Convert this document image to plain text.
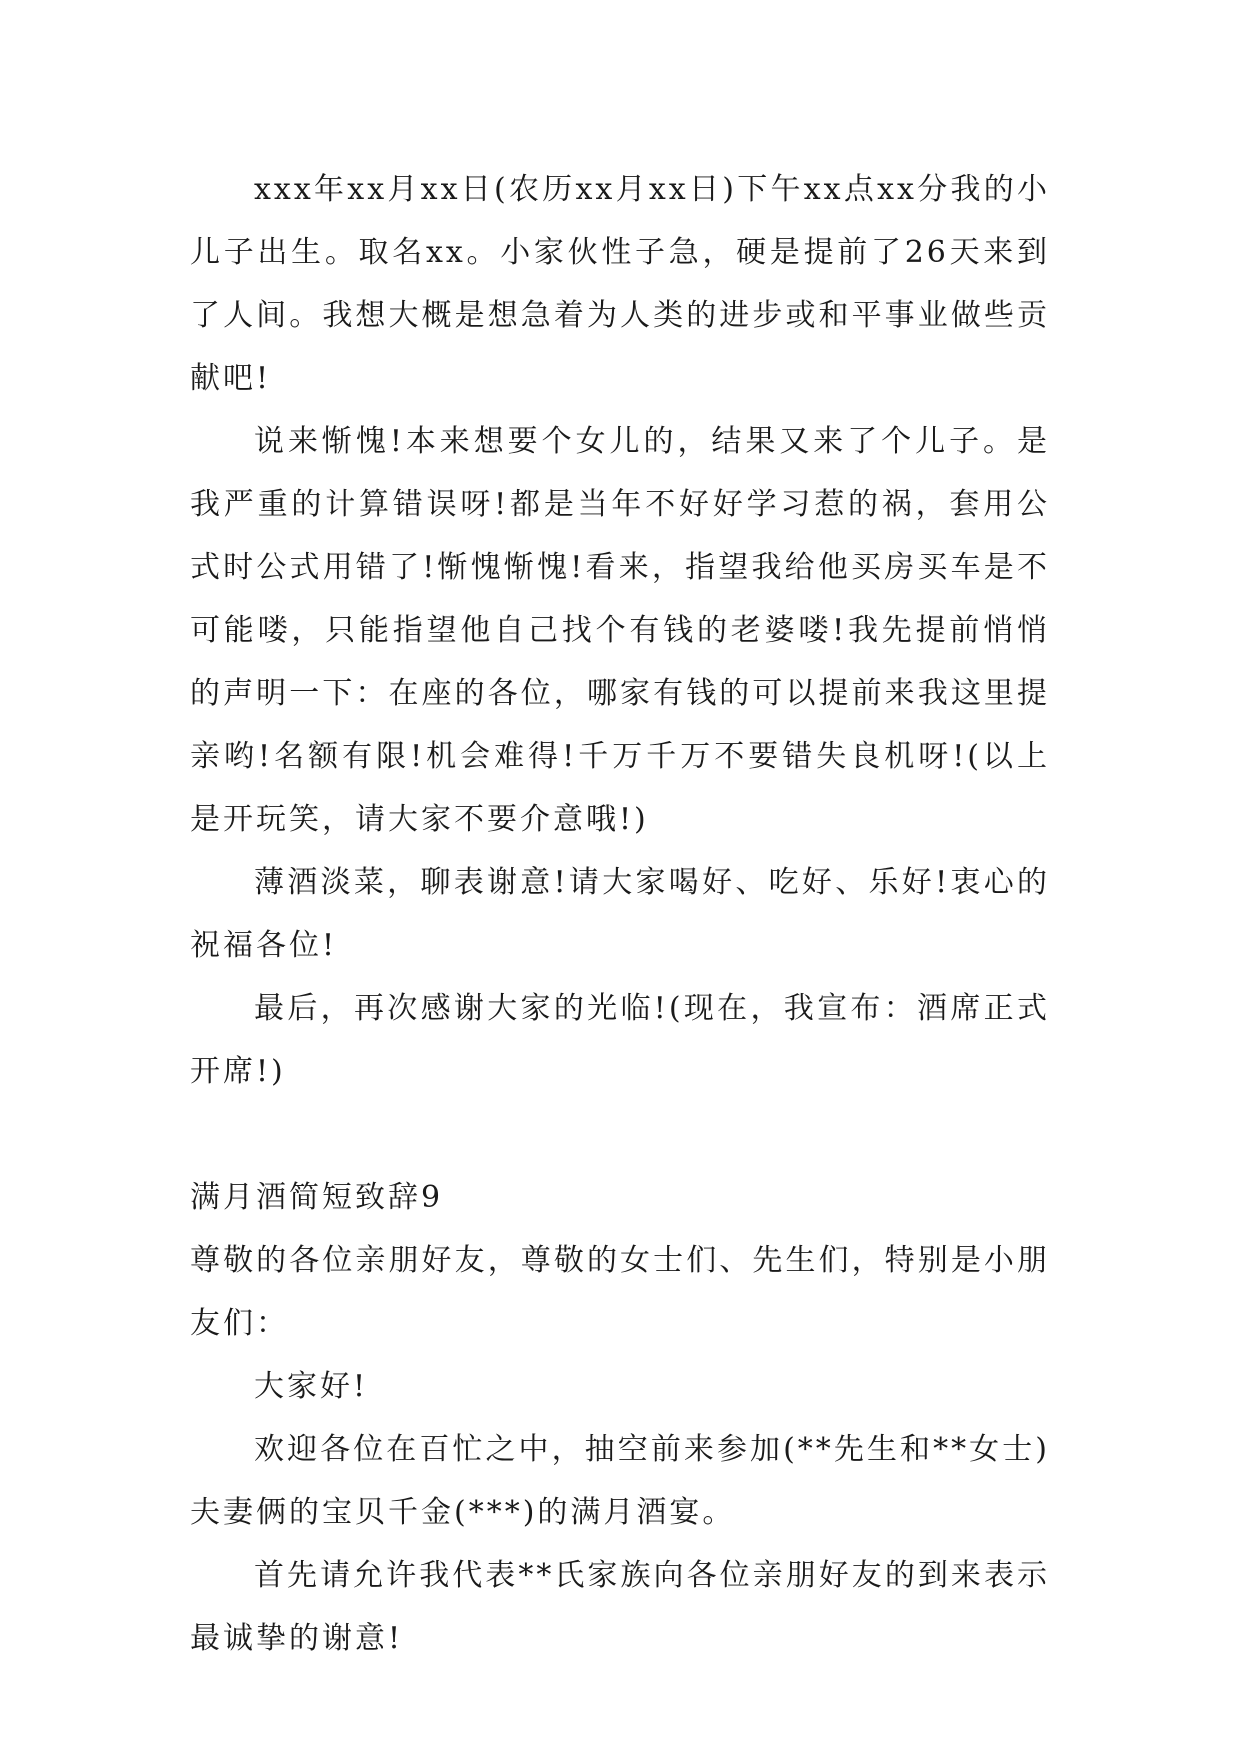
xxx年xx月xx日(农历xx月xx日)下午xx点xx分我的小儿子出生。取名xx。小家伙性子急，硬是提前了26天来到了人间。我想大概是想急着为人类的进步或和平事业做些贡献吧!

说来惭愧!本来想要个女儿的，结果又来了个儿子。是我严重的计算错误呀!都是当年不好好学习惹的祸，套用公式时公式用错了!惭愧惭愧!看来，指望我给他买房买车是不可能喽，只能指望他自己找个有钱的老婆喽!我先提前悄悄的声明一下：在座的各位，哪家有钱的可以提前来我这里提亲哟!名额有限!机会难得!千万千万不要错失良机呀!(以上是开玩笑，请大家不要介意哦!)

薄酒淡菜，聊表谢意!请大家喝好、吃好、乐好!衷心的祝福各位!

最后，再次感谢大家的光临!(现在，我宣布：酒席正式开席!)

满月酒简短致辞9

尊敬的各位亲朋好友，尊敬的女士们、先生们，特别是小朋友们：

大家好!

欢迎各位在百忙之中，抽空前来参加(**先生和**女士)夫妻俩的宝贝千金(***)的满月酒宴。

首先请允许我代表**氏家族向各位亲朋好友的到来表示最诚挚的谢意!
